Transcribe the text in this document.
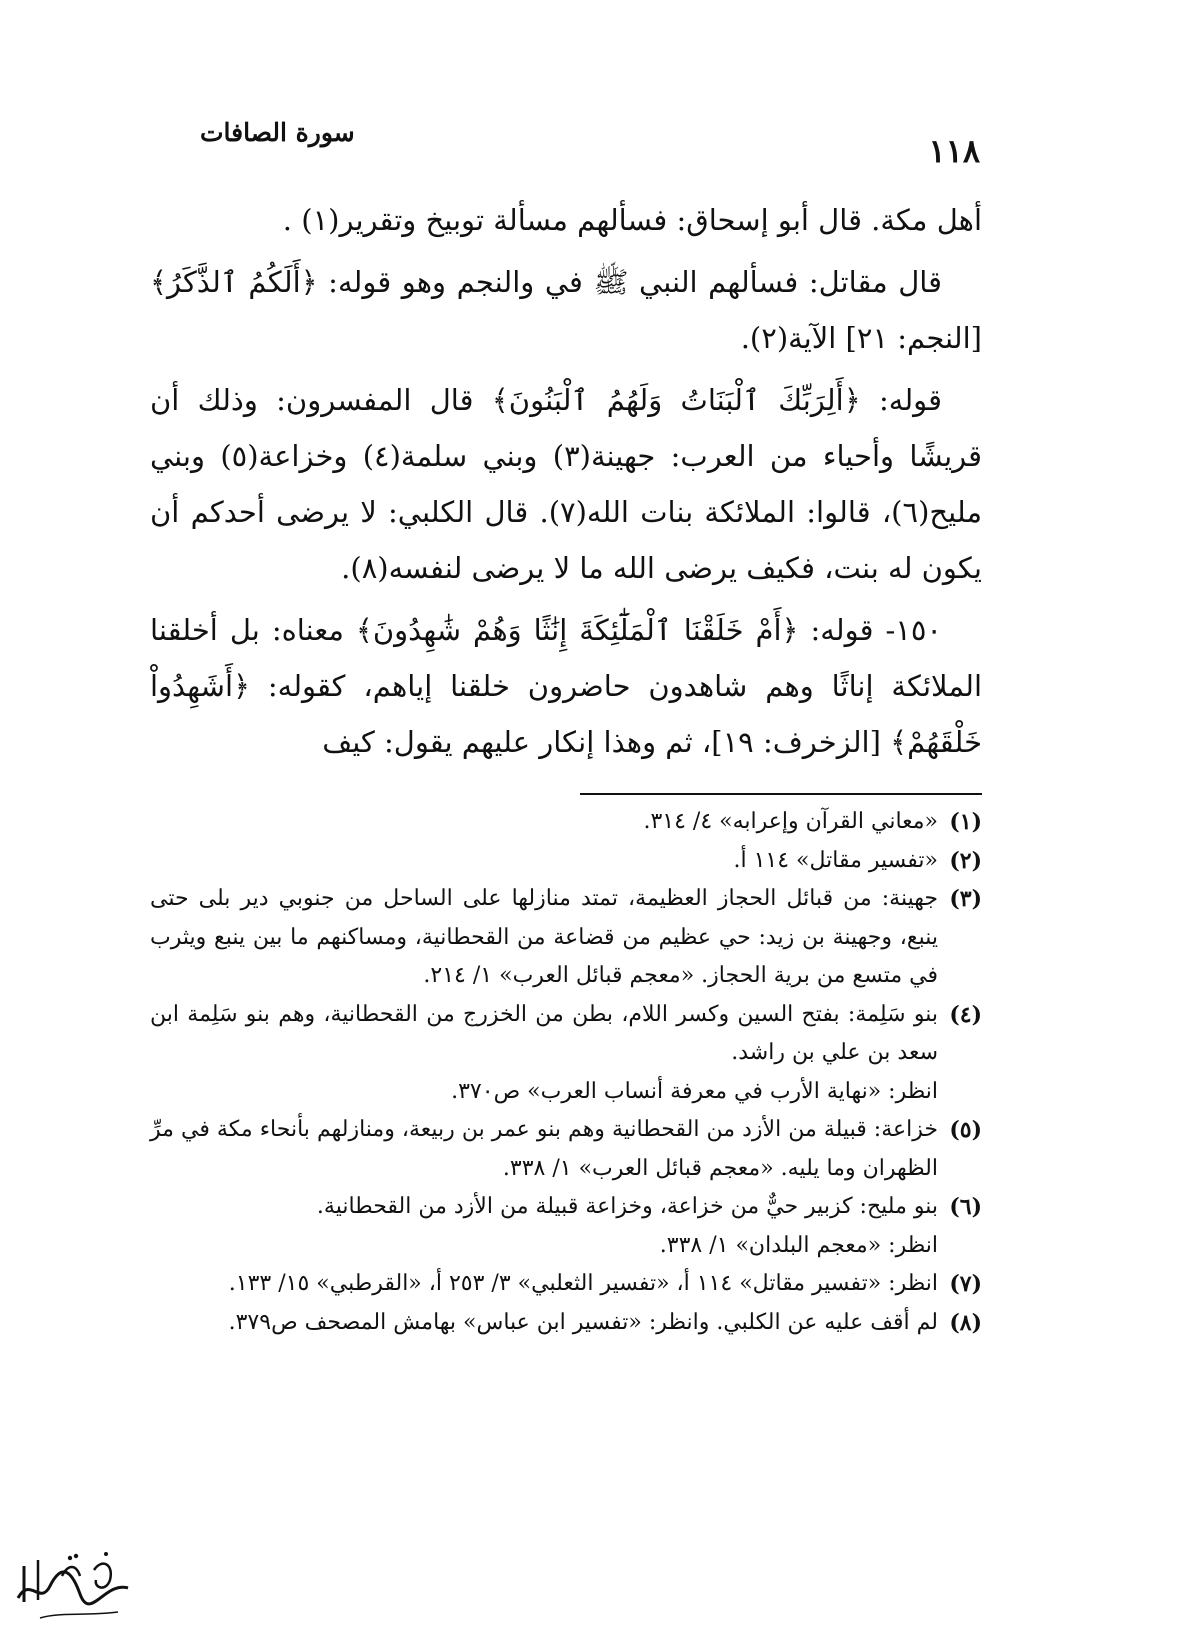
١١٨
سورة الصافات

أهل مكة. قال أبو إسحاق: فسألهم مسألة توبيخ وتقرير(١) .

قال مقاتل: فسألهم النبي ﷺ في والنجم وهو قوله: ﴿أَلَكُمُ ٱلذَّكَرُ﴾ [النجم: ٢١] الآية(٢).

قوله: ﴿أَلِرَبِّكَ ٱلْبَنَاتُ وَلَهُمُ ٱلْبَنُونَ﴾ قال المفسرون: وذلك أن قريشًا وأحياء من العرب: جهينة(٣) وبني سلمة(٤) وخزاعة(٥) وبني مليح(٦)، قالوا: الملائكة بنات الله(٧). قال الكلبي: لا يرضى أحدكم أن يكون له بنت، فكيف يرضى الله ما لا يرضى لنفسه(٨).

١٥٠- قوله: ﴿أَمْ خَلَقْنَا ٱلْمَلَٰٓئِكَةَ إِنَٰثًا وَهُمْ شَٰهِدُونَ﴾ معناه: بل أخلقنا الملائكة إناثًا وهم شاهدون حاضرون خلقنا إياهم، كقوله: ﴿أَشَهِدُواْ خَلْقَهُمْ﴾ [الزخرف: ١٩]، ثم وهذا إنكار عليهم يقول: كيف

(١)
«معاني القرآن وإعرابه» ٤/ ٣١٤.
(٢)
«تفسير مقاتل» ١١٤ أ.
(٣)
جهينة: من قبائل الحجاز العظيمة، تمتد منازلها على الساحل من جنوبي دير بلى حتى ينبع، وجهينة بن زيد: حي عظيم من قضاعة من القحطانية، ومساكنهم ما بين ينبع ويثرب في متسع من برية الحجاز. «معجم قبائل العرب» ١/ ٢١٤.
(٤)
بنو سَلِمة: بفتح السين وكسر اللام، بطن من الخزرج من القحطانية، وهم بنو سَلِمة ابن سعد بن علي بن راشد.
انظر: «نهاية الأرب في معرفة أنساب العرب» ص٣٧٠.
(٥)
خزاعة: قبيلة من الأزد من القحطانية وهم بنو عمر بن ربيعة، ومنازلهم بأنحاء مكة في مرِّ الظهران وما يليه. «معجم قبائل العرب» ١/ ٣٣٨.
(٦)
بنو مليح: كزبير حيٌّ من خزاعة، وخزاعة قبيلة من الأزد من القحطانية.
انظر: «معجم البلدان» ١/ ٣٣٨.
(٧)
انظر: «تفسير مقاتل» ١١٤ أ، «تفسير الثعلبي» ٣/ ٢٥٣ أ، «القرطبي» ١٥/ ١٣٣.
(٨)
لم أقف عليه عن الكلبي. وانظر: «تفسير ابن عباس» بهامش المصحف ص٣٧٩.
